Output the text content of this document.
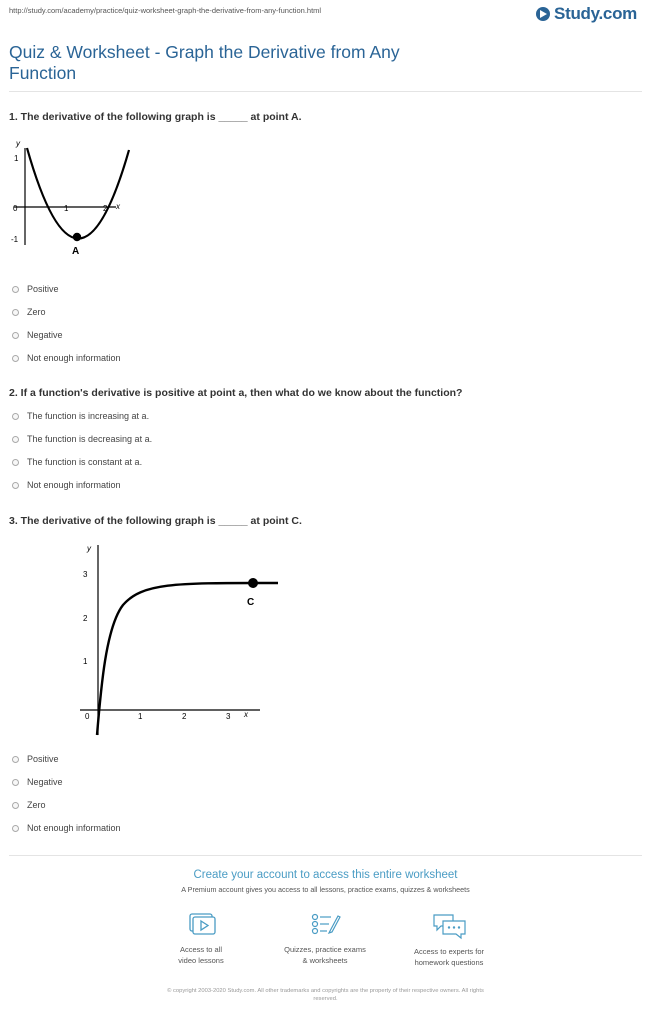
http://study.com/academy/practice/quiz-worksheet-graph-the-derivative-from-any-function.html	Study.com
Quiz & Worksheet - Graph the Derivative from Any
Function
1. The derivative of the following graph is _____ at point A.
y
x
1
0
-1
1	2
A
Positive
Zero
Negative
Not enough information
2. If a function's derivative is positive at point a, then what do we know about the function?
The function is increasing at a.
The function is decreasing at a.
The function is constant at a.
Not enough information
3. The derivative of the following graph is _____ at point C.
y
x
3
2
1
0	1	2	3
C
Positive
Negative
Zero
Not enough information
Create your account to access this entire worksheet
A Premium account gives you access to all lessons, practice exams, quizzes & worksheets
Access to all
video lessons
Quizzes, practice exams
& worksheets
Access to experts for
homework questions
© copyright 2003-2020 Study.com. All other trademarks and copyrights are the property of their respective owners. All rights
reserved.
